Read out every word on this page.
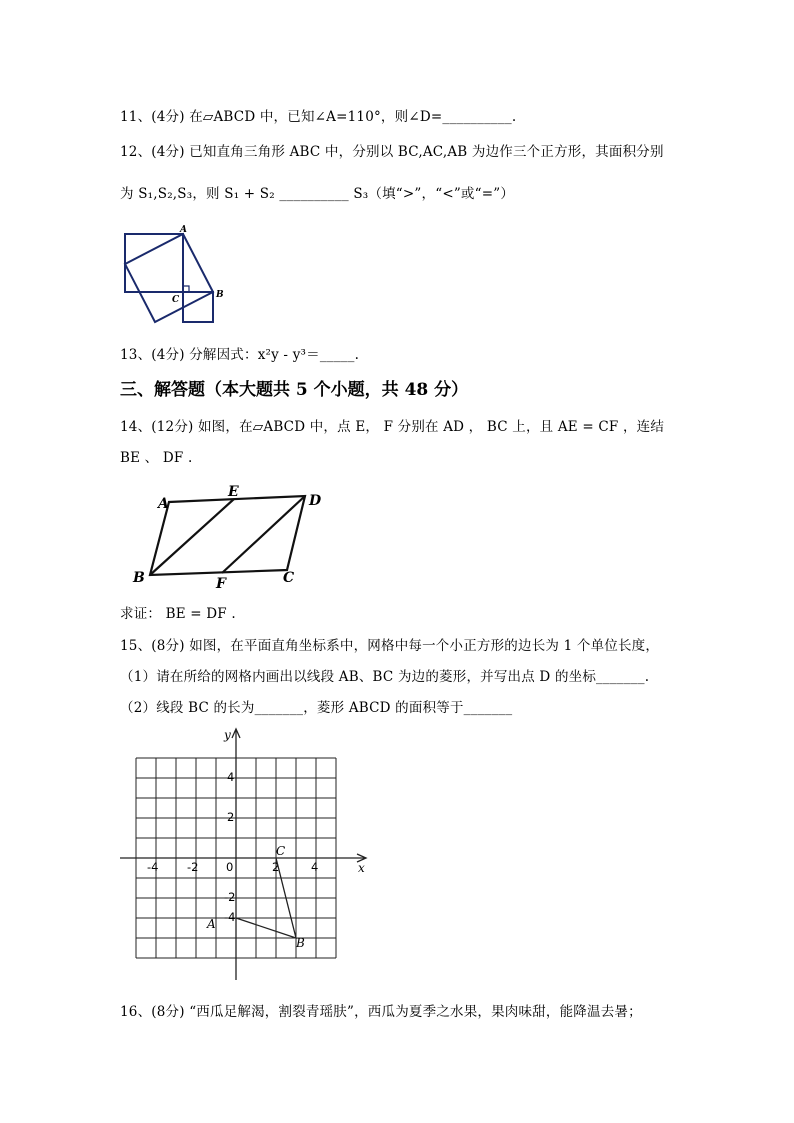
11、(4分) 在▱ABCD 中，已知∠A=110°，则∠D=__________.
12、(4分) 已知直角三角形 ABC 中，分别以 BC,AC,AB 为边作三个正方形，其面积分别
为 S₁,S₂,S₃，则 S₁ + S₂ __________ S₃（填“>”，“<”或“=”）
A
B
C
13、(4分) 分解因式：x²y - y³＝_____.
三、解答题（本大题共 5 个小题，共 48 分）
14、(12分) 如图，在▱ABCD 中，点 E， F 分别在 AD ， BC 上，且 AE = CF ，连结
BE 、 DF .
A
E
D
B	F	C
求证： BE = DF .
15、(8分) 如图，在平面直角坐标系中，网格中每一个小正方形的边长为 1 个单位长度，
（1）请在所给的网格内画出以线段 AB、BC 为边的菱形，并写出点 D 的坐标_______.
（2）线段 BC 的长为_______，菱形 ABCD 的面积等于_______
x
y
-4 -2 0	2	4
4
2
-2
-4
A
B
C
16、(8分) “西瓜足解渴，割裂青瑶肤”，西瓜为夏季之水果，果肉味甜，能降温去暑；
